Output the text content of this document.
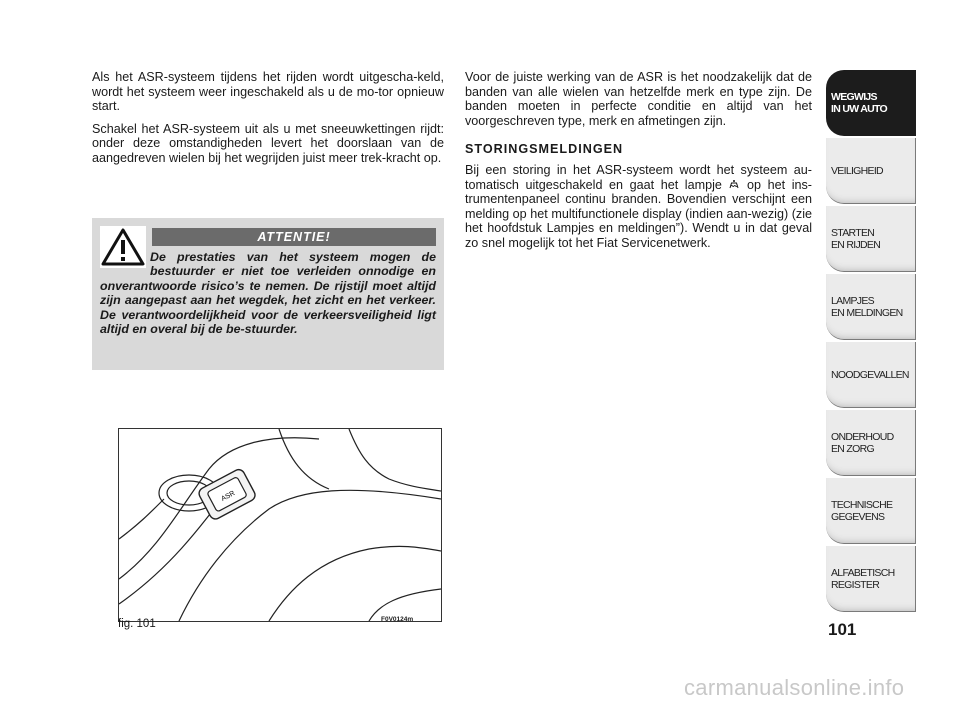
Als het ASR-systeem tijdens het rijden wordt uitgescha-keld, wordt het systeem weer ingeschakeld als u de mo-tor opnieuw start.

Schakel het ASR-systeem uit als u met sneeuwkettingen rijdt: onder deze omstandigheden levert het doorslaan van de aangedreven wielen bij het wegrijden juist meer trek-kracht op.

ATTENTIE!

De prestaties van het systeem mogen de bestuurder er niet toe verleiden onnodige en onverantwoorde risico’s te nemen. De rijstijl moet altijd zijn aangepast aan het wegdek, het zicht en het verkeer. De verantwoordelijkheid voor de verkeersveiligheid ligt altijd en overal bij de be-stuurder.

ASR
fig. 101	F0V0124m

Voor de juiste werking van de ASR is het noodzakelijk dat de banden van alle wielen van hetzelfde merk en type zijn. De banden moeten in perfecte conditie en altijd van het voorgeschreven type, merk en afmetingen zijn.

STORINGSMELDINGEN

Bij een storing in het ASR-systeem wordt het systeem au-tomatisch uitgeschakeld en gaat het lampje op het ins-trumentenpaneel continu branden. Bovendien verschijnt een melding op het multifunctionele display (indien aan-wezig) (zie het hoofdstuk Lampjes en meldingen”). Wendt u in dat geval zo snel mogelijk tot het Fiat Servicenetwerk.

WEGWIJS
IN UW AUTO
VEILIGHEID
STARTEN
EN RIJDEN
LAMPJES
EN MELDINGEN
NOODGEVALLEN
ONDERHOUD
EN ZORG
TECHNISCHE
GEGEVENS
ALFABETISCH
REGISTER
101
carmanualsonline.info
